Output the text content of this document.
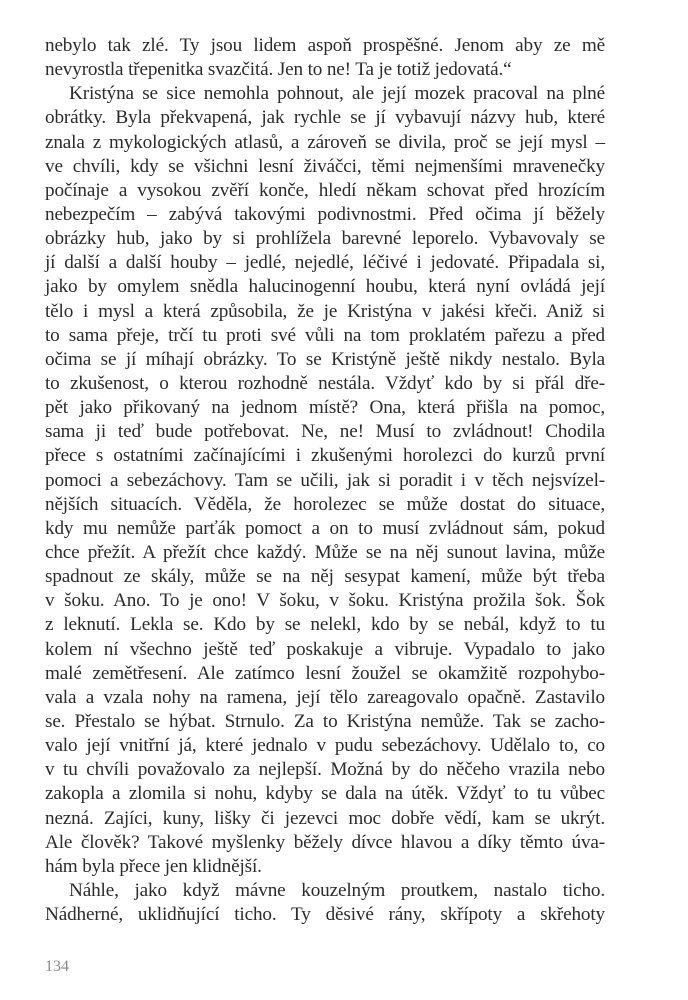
nebylo tak zlé. Ty jsou lidem aspoň prospěšné. Jenom aby ze mě
nevyrostla třepenitka svazčitá. Jen to ne! Ta je totiž jedovatá.“
Kristýna se sice nemohla pohnout, ale její mozek pracoval na plné
obrátky. Byla překvapená, jak rychle se jí vybavují názvy hub, které
znala z mykologických atlasů, a zároveň se divila, proč se její mysl –
ve chvíli, kdy se všichni lesní živáčci, těmi nejmenšími mravenečky
počínaje a vysokou zvěří konče, hledí někam schovat před hrozícím
nebezpečím – zabývá takovými podivnostmi. Před očima jí běžely
obrázky hub, jako by si prohlížela barevné leporelo. Vybavovaly se
jí další a další houby – jedlé, nejedlé, léčivé i jedovaté. Připadala si,
jako by omylem snědla halucinogenní houbu, která nyní ovládá její
tělo i mysl a která způsobila, že je Kristýna v jakési křeči. Aniž si
to sama přeje, trčí tu proti své vůli na tom proklatém pařezu a před
očima se jí míhají obrázky. To se Kristýně ještě nikdy nestalo. Byla
to zkušenost, o kterou rozhodně nestála. Vždyť kdo by si přál dře-
pět jako přikovaný na jednom místě? Ona, která přišla na pomoc,
sama ji teď bude potřebovat. Ne, ne! Musí to zvládnout! Chodila
přece s ostatními začínajícími i zkušenými horolezci do kurzů první
pomoci a sebezáchovy. Tam se učili, jak si poradit i v těch nejsvízel-
nějších situacích. Věděla, že horolezec se může dostat do situace,
kdy mu nemůže parťák pomoct a on to musí zvládnout sám, pokud
chce přežít. A přežít chce každý. Může se na něj sunout lavina, může
spadnout ze skály, může se na něj sesypat kamení, může být třeba
v šoku. Ano. To je ono! V šoku, v šoku. Kristýna prožila šok. Šok
z leknutí. Lekla se. Kdo by se nelekl, kdo by se nebál, když to tu
kolem ní všechno ještě teď poskakuje a vibruje. Vypadalo to jako
malé zemětřesení. Ale zatímco lesní žoužel se okamžitě rozpohybo-
vala a vzala nohy na ramena, její tělo zareagovalo opačně. Zastavilo
se. Přestalo se hýbat. Strnulo. Za to Kristýna nemůže. Tak se zacho-
valo její vnitřní já, které jednalo v pudu sebezáchovy. Udělalo to, co
v tu chvíli považovalo za nejlepší. Možná by do něčeho vrazila nebo
zakopla a zlomila si nohu, kdyby se dala na útěk. Vždyť to tu vůbec
nezná. Zajíci, kuny, lišky či jezevci moc dobře vědí, kam se ukrýt.
Ale člověk? Takové myšlenky běžely dívce hlavou a díky těmto úva-
hám byla přece jen klidnější.
Náhle, jako když mávne kouzelným proutkem, nastalo ticho.
Nádherné, uklidňující ticho. Ty děsivé rány, skřípoty a skřehoty
134
